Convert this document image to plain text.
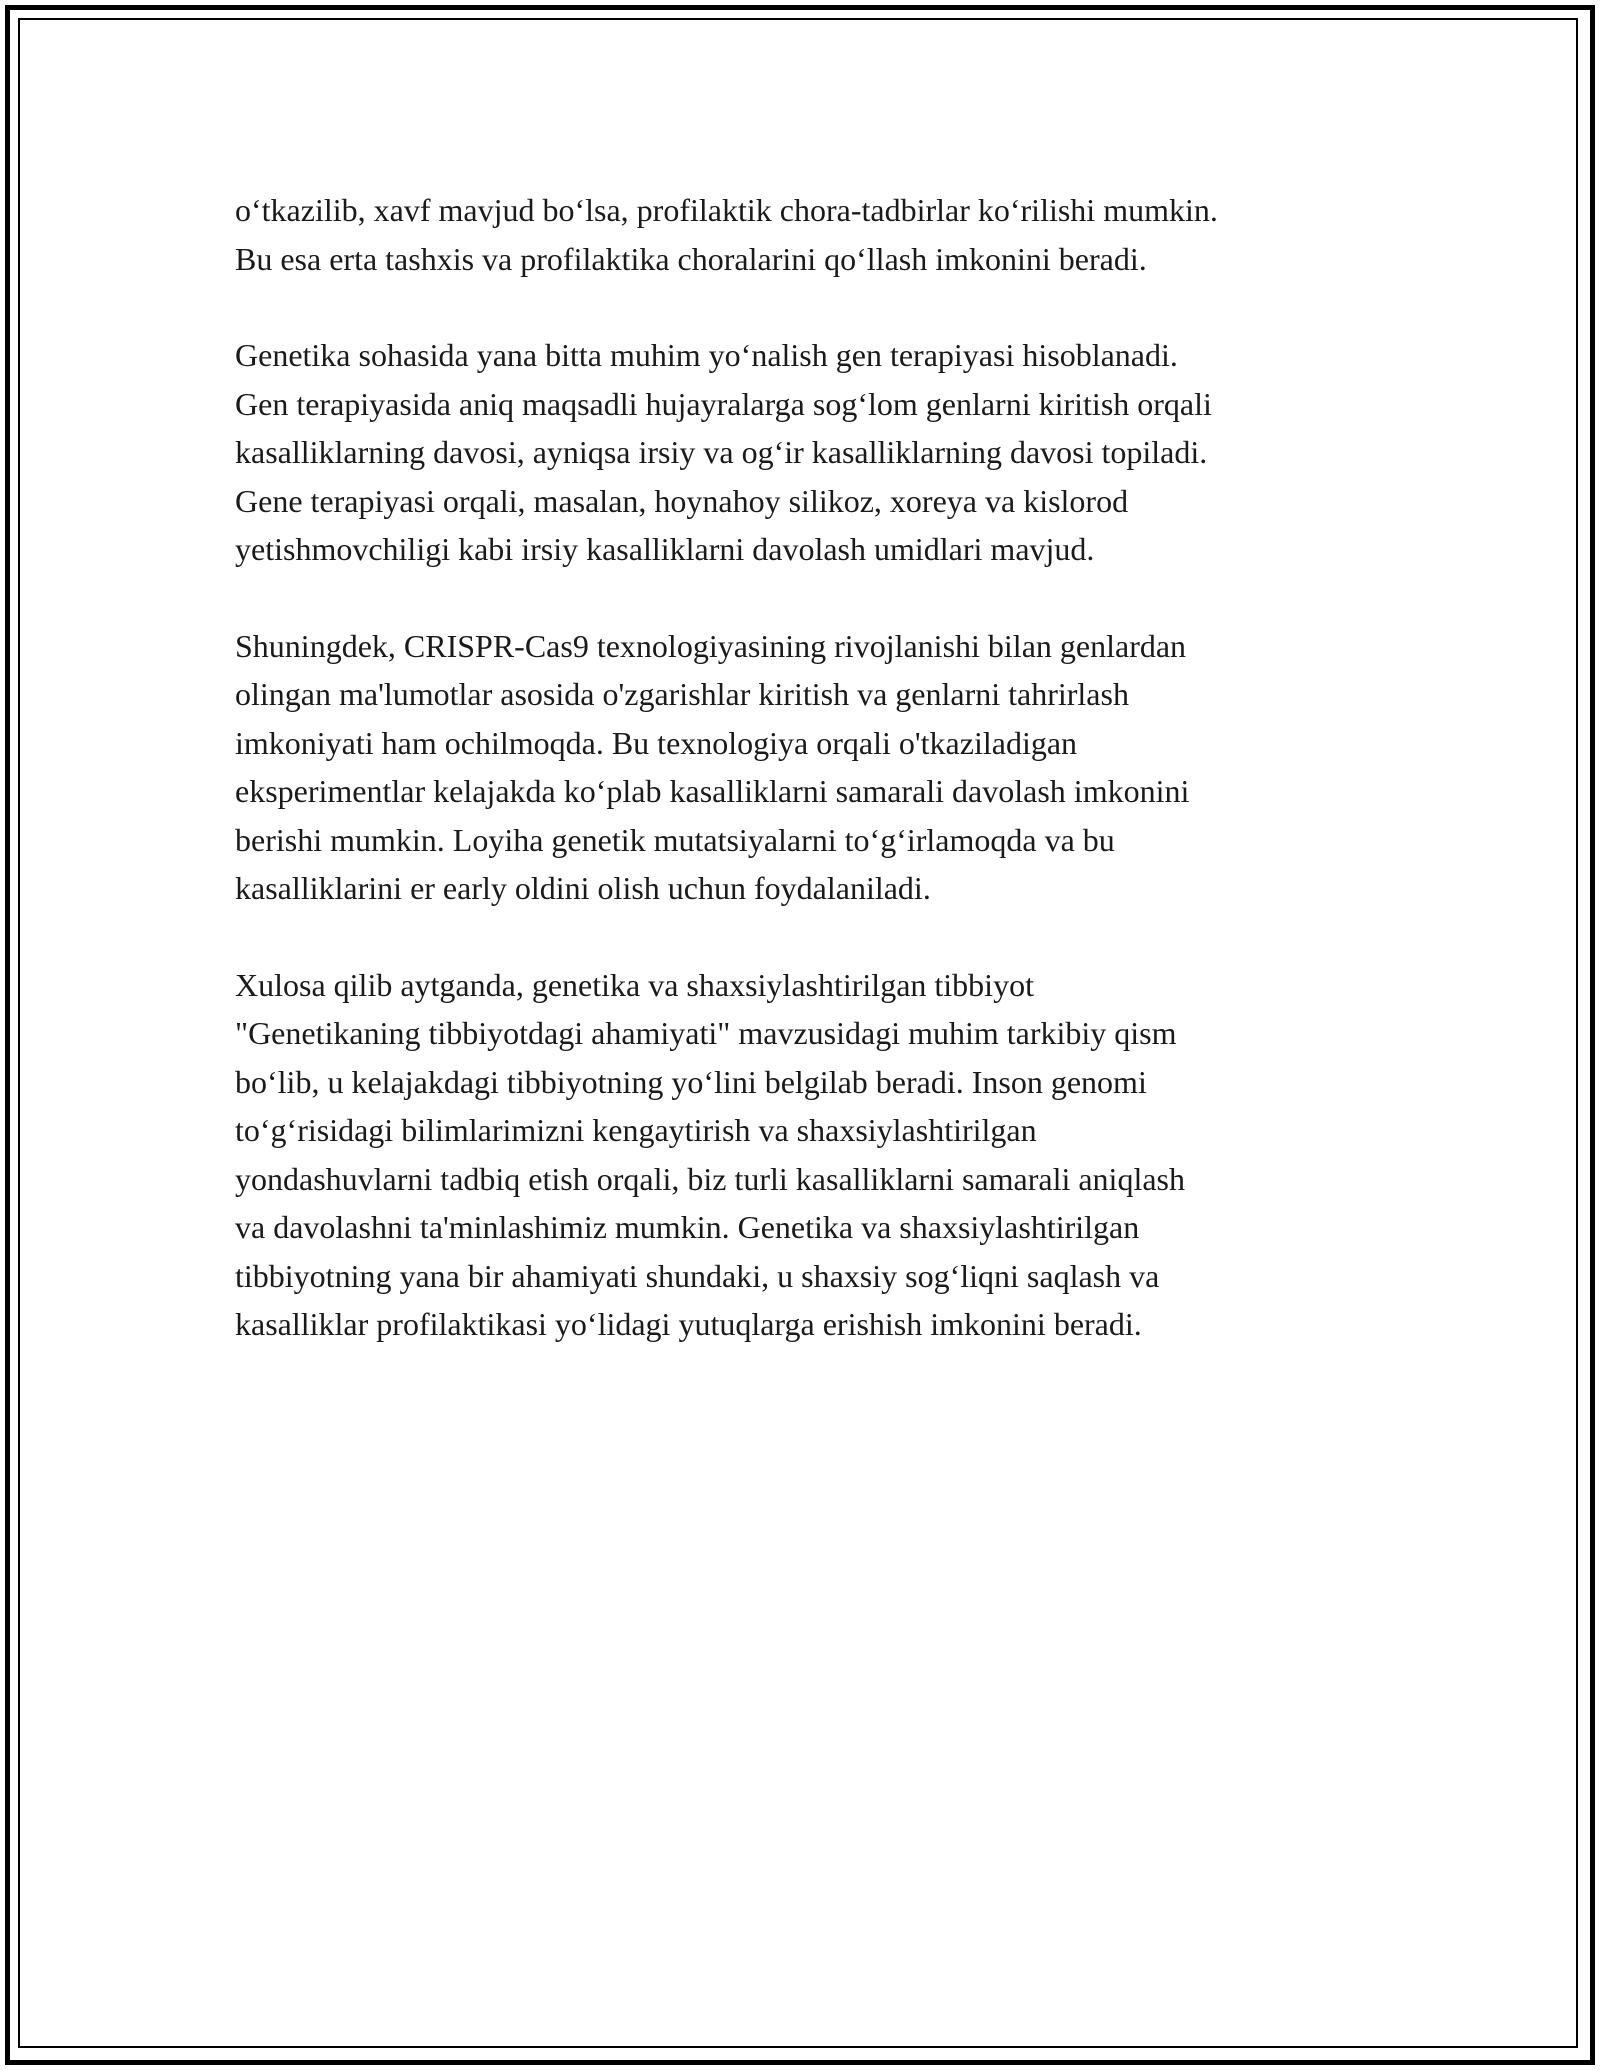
o‘tkazilib, xavf mavjud bo‘lsa, profilaktik chora-tadbirlar ko‘rilishi mumkin.
Bu esa erta tashxis va profilaktika choralarini qo‘llash imkonini beradi.

Genetika sohasida yana bitta muhim yo‘nalish gen terapiyasi hisoblanadi.
Gen terapiyasida aniq maqsadli hujayralarga sog‘lom genlarni kiritish orqali
kasalliklarning davosi, ayniqsa irsiy va og‘ir kasalliklarning davosi topiladi.
Gene terapiyasi orqali, masalan, hoynahoy silikoz, xoreya va kislorod
yetishmovchiligi kabi irsiy kasalliklarni davolash umidlari mavjud.

Shuningdek, CRISPR-Cas9 texnologiyasining rivojlanishi bilan genlardan
olingan ma'lumotlar asosida o'zgarishlar kiritish va genlarni tahrirlash
imkoniyati ham ochilmoqda. Bu texnologiya orqali o'tkaziladigan
eksperimentlar kelajakda ko‘plab kasalliklarni samarali davolash imkonini
berishi mumkin. Loyiha genetik mutatsiyalarni to‘g‘irlamoqda va bu
kasalliklarini er early oldini olish uchun foydalaniladi.

Xulosa qilib aytganda, genetika va shaxsiylashtirilgan tibbiyot
"Genetikaning tibbiyotdagi ahamiyati" mavzusidagi muhim tarkibiy qism
bo‘lib, u kelajakdagi tibbiyotning yo‘lini belgilab beradi. Inson genomi
to‘g‘risidagi bilimlarimizni kengaytirish va shaxsiylashtirilgan
yondashuvlarni tadbiq etish orqali, biz turli kasalliklarni samarali aniqlash
va davolashni ta'minlashimiz mumkin. Genetika va shaxsiylashtirilgan
tibbiyotning yana bir ahamiyati shundaki, u shaxsiy sog‘liqni saqlash va
kasalliklar profilaktikasi yo‘lidagi yutuqlarga erishish imkonini beradi.
